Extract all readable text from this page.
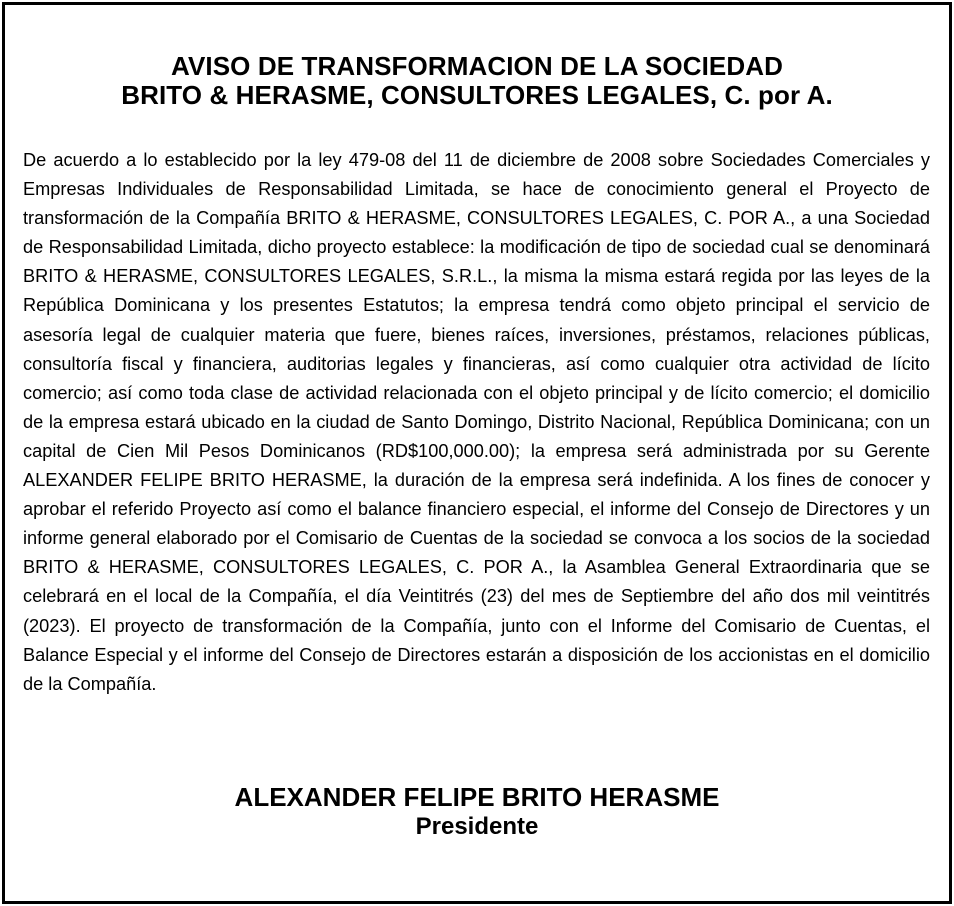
AVISO DE TRANSFORMACION DE LA SOCIEDAD
BRITO & HERASME, CONSULTORES LEGALES, C. por A.
De acuerdo a lo establecido por la ley 479-08 del 11 de diciembre de 2008 sobre Sociedades Comerciales y Empresas Individuales de Responsabilidad Limitada, se hace de conocimiento general el Proyecto de transformación de la Compañía BRITO & HERASME, CONSULTORES LEGALES, C. POR A., a una Sociedad de Responsabilidad Limitada, dicho proyecto establece: la modificación de tipo de sociedad cual se denominará BRITO & HERASME, CONSULTORES LEGALES, S.R.L., la misma la misma estará regida por las leyes de la República Dominicana y los presentes Estatutos; la empresa tendrá como objeto principal el servicio de asesoría legal de cualquier materia que fuere, bienes raíces, inversiones, préstamos, relaciones públicas, consultoría fiscal y financiera, auditorias legales y financieras, así como cualquier otra actividad de lícito comercio; así como toda clase de actividad relacionada con el objeto principal y de lícito comercio; el domicilio de la empresa estará ubicado en la ciudad de Santo Domingo, Distrito Nacional, República Dominicana; con un capital de Cien Mil Pesos Dominicanos (RD$100,000.00); la empresa será administrada por su Gerente ALEXANDER FELIPE BRITO HERASME, la duración de la empresa será indefinida. A los fines de conocer y aprobar el referido Proyecto así como el balance financiero especial, el informe del Consejo de Directores y un informe general elaborado por el Comisario de Cuentas de la sociedad se convoca a los socios de la sociedad BRITO & HERASME, CONSULTORES LEGALES, C. POR A., la Asamblea General Extraordinaria que se celebrará en el local de la Compañía, el día Veintitrés (23) del mes de Septiembre del año dos mil veintitrés (2023). El proyecto de transformación de la Compañía, junto con el Informe del Comisario de Cuentas, el Balance Especial y el informe del Consejo de Directores estarán a disposición de los accionistas en el domicilio de la Compañía.
ALEXANDER FELIPE BRITO HERASME
Presidente
